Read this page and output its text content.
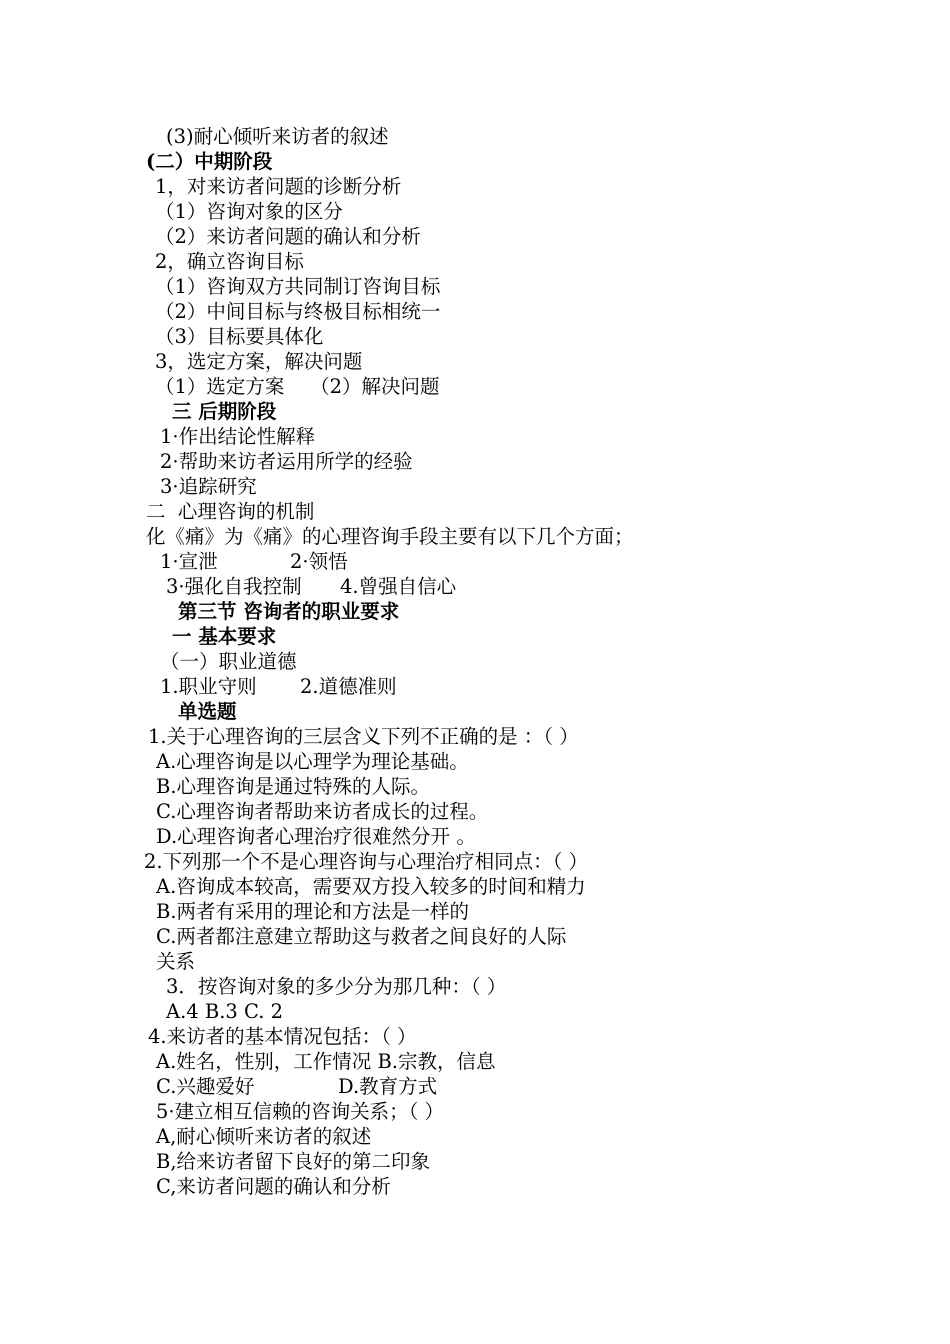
(3)耐心倾听来访者的叙述
(二）中期阶段
1，对来访者问题的诊断分析
（1）咨询对象的区分
（2）来访者问题的确认和分析
2，确立咨询目标
（1）咨询双方共同制订咨询目标
（2）中间目标与终极目标相统一
（3）目标要具体化
3，选定方案，解决问题
（1）选定方案　 （2）解决问题
三 后期阶段
1·作出结论性解释
2·帮助来访者运用所学的经验
3·追踪研究
二  心理咨询的机制
化《痛》为《痛》的心理咨询手段主要有以下几个方面；
1·宣泄	2·领悟
3·强化自我控制 4.曾强自信心
第三节 咨询者的职业要求
一 基本要求
（一）职业道德
1.职业守则 2.道德准则
单选题
1.关于心理咨询的三层含义下列不正确的是 ：（ ）
A.心理咨询是以心理学为理论基础。
B.心理咨询是通过特殊的人际。
C.心理咨询者帮助来访者成长的过程。
D.心理咨询者心理治疗很难然分开 。
2.下列那一个不是心理咨询与心理治疗相同点：（ ）
A.咨询成本较高，需要双方投入较多的时间和精力
B.两者有采用的理论和方法是一样的
C.两者都注意建立帮助这与救者之间良好的人际
关系
3．按咨询对象的多少分为那几种：（ ）
A.4 B.3 C. 2
4.来访者的基本情况包括：（ ）
A.姓名，性别，工作情况 B.宗教，信息
C.兴趣爱好	D.教育方式
5·建立相互信赖的咨询关系；（ ）
A,耐心倾听来访者的叙述
B,给来访者留下良好的第二印象
C,来访者问题的确认和分析
